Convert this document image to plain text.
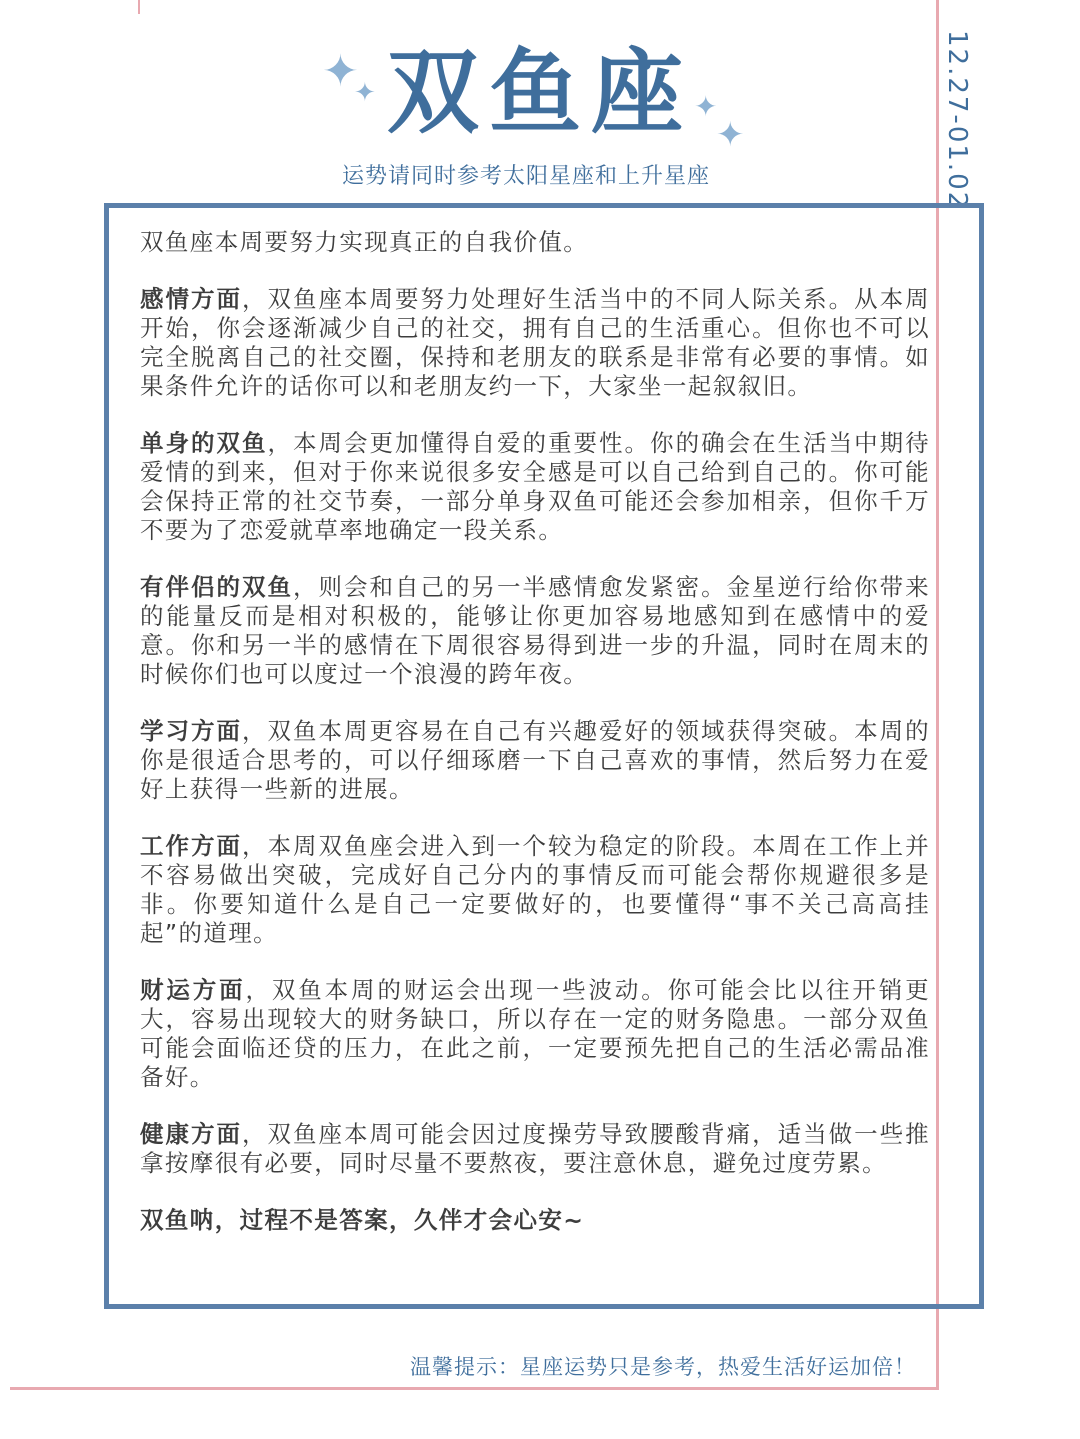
✦
✦	✦
✦
双鱼座
运势请同时参考太阳星座和上升星座	12.27-01.02

双鱼座本周要努力实现真正的自我价值。

感情方面，双鱼座本周要努力处理好生活当中的不同人际关系。从本周开始，你会逐渐减少自己的社交，拥有自己的生活重心。但你也不可以完全脱离自己的社交圈，保持和老朋友的联系是非常有必要的事情。如果条件允许的话你可以和老朋友约一下，大家坐一起叙叙旧。

单身的双鱼，本周会更加懂得自爱的重要性。你的确会在生活当中期待爱情的到来，但对于你来说很多安全感是可以自己给到自己的。你可能会保持正常的社交节奏，一部分单身双鱼可能还会参加相亲，但你千万不要为了恋爱就草率地确定一段关系。

有伴侣的双鱼，则会和自己的另一半感情愈发紧密。金星逆行给你带来的能量反而是相对积极的，能够让你更加容易地感知到在感情中的爱意。你和另一半的感情在下周很容易得到进一步的升温，同时在周末的时候你们也可以度过一个浪漫的跨年夜。

学习方面，双鱼本周更容易在自己有兴趣爱好的领域获得突破。本周的你是很适合思考的，可以仔细琢磨一下自己喜欢的事情，然后努力在爱好上获得一些新的进展。

工作方面，本周双鱼座会进入到一个较为稳定的阶段。本周在工作上并不容易做出突破，完成好自己分内的事情反而可能会帮你规避很多是非。你要知道什么是自己一定要做好的，也要懂得“事不关己高高挂起”的道理。

财运方面，双鱼本周的财运会出现一些波动。你可能会比以往开销更大，容易出现较大的财务缺口，所以存在一定的财务隐患。一部分双鱼可能会面临还贷的压力，在此之前，一定要预先把自己的生活必需品准备好。

健康方面，双鱼座本周可能会因过度操劳导致腰酸背痛，适当做一些推拿按摩很有必要，同时尽量不要熬夜，要注意休息，避免过度劳累。

双鱼呐，过程不是答案，久伴才会心安~

温馨提示：星座运势只是参考，热爱生活好运加倍！
